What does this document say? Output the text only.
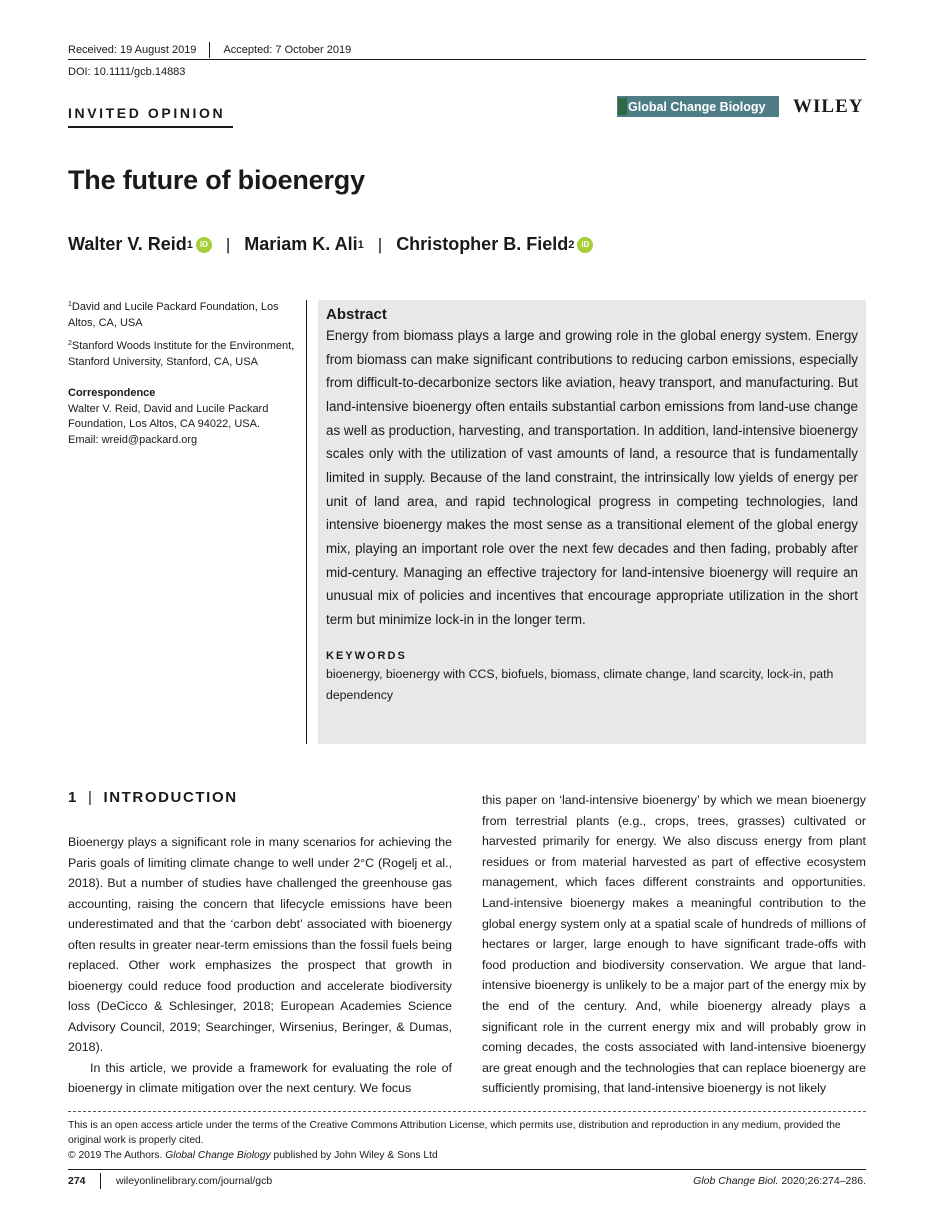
Received: 19 August 2019 Accepted: 7 October 2019
DOI: 10.1111/gcb.14883
INVITED OPINION	Global Change Biology	WILEY
The future of bioenergy
Walter V. Reid 1 iD | Mariam K. Ali 1 | Christopher B. Field 2 iD

$^1$David and Lucile Packard Foundation, Los Altos, CA, USA

$^2$Stanford Woods Institute for the Environment, Stanford University, Stanford, CA, USA

Correspondence

Walter V. Reid, David and Lucile Packard Foundation, Los Altos, CA 94022, USA.

Email: wreid@packard.org

Abstract

Energy from biomass plays a large and growing role in the global energy system. Energy from biomass can make significant contributions to reducing carbon emissions, especially from difficult-to-decarbonize sectors like aviation, heavy transport, and manufacturing. But land-intensive bioenergy often entails substantial carbon emissions from land-use change as well as production, harvesting, and transportation. In addition, land-intensive bioenergy scales only with the utilization of vast amounts of land, a resource that is fundamentally limited in supply. Because of the land constraint, the intrinsically low yields of energy per unit of land area, and rapid technological progress in competing technologies, land intensive bioenergy makes the most sense as a transitional element of the global energy mix, playing an important role over the next few decades and then fading, probably after mid-century. Managing an effective trajectory for land-intensive bioenergy will require an unusual mix of policies and incentives that encourage appropriate utilization in the short term but minimize lock-in in the longer term.

KEYWORDS

bioenergy, bioenergy with CCS, biofuels, biomass, climate change, land scarcity, lock-in, path dependency

1 | INTRODUCTION

Bioenergy plays a significant role in many scenarios for achieving the Paris goals of limiting climate change to well under 2°C (Rogelj et al., 2018). But a number of studies have challenged the greenhouse gas accounting, raising the concern that lifecycle emissions have been underestimated and that the ‘carbon debt’ associated with bioenergy often results in greater near-term emissions than the fossil fuels being replaced. Other work emphasizes the prospect that growth in bioenergy could reduce food production and accelerate biodiversity loss (DeCicco & Schlesinger, 2018; European Academies Science Advisory Council, 2019; Searchinger, Wirsenius, Beringer, & Dumas, 2018).

In this article, we provide a framework for evaluating the role of bioenergy in climate mitigation over the next century. We focus

this paper on ‘land-intensive bioenergy’ by which we mean bioenergy from terrestrial plants (e.g., crops, trees, grasses) cultivated or harvested primarily for energy. We also discuss energy from plant residues or from material harvested as part of effective ecosystem management, which faces different constraints and opportunities. Land-intensive bioenergy makes a meaningful contribution to the global energy system only at a spatial scale of hundreds of millions of hectares or larger, large enough to have significant trade-offs with food production and biodiversity conservation. We argue that land-intensive bioenergy is unlikely to be a major part of the energy mix by the end of the century. And, while bioenergy already plays a significant role in the current energy mix and will probably grow in coming decades, the costs associated with land-intensive bioenergy are great enough and the technologies that can replace bioenergy are sufficiently promising, that land-intensive bioenergy is not likely

This is an open access article under the terms of the Creative Commons Attribution License, which permits use, distribution and reproduction in any medium, provided the original work is properly cited.
© 2019 The Authors. Global Change Biology published by John Wiley & Sons Ltd
274	wileyonlinelibrary.com/journal/gcb	Glob Change Biol. 2020;26:274–286.
